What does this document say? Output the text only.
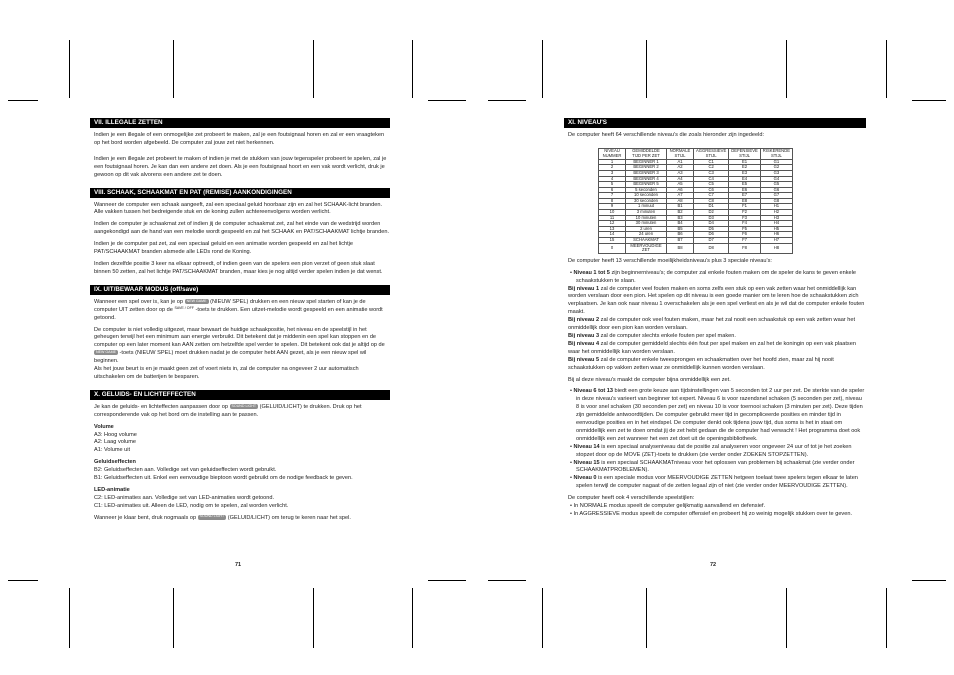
VII. ILLEGALE ZETTEN

Indien je een illegale of een onmogelijke zet probeert te maken, zal je een foutsignaal horen en zal er een vraagteken op het bord worden afgebeeld. De computer zal jouw zet niet herkennen.

Indien je een illegale zet probeert te maken of indien je met de stukken van jouw tegenspeler probeert te spelen, zal je een foutsignaal horen. Je kan dan een andere zet doen. Als je een foutsignaal hoort en een vak wordt verlicht, druk je gewoon op dit vak alvorens een andere zet te doen.

VIII. SCHAAK, SCHAAKMAT EN PAT (REMISE) AANKONDIGINGEN

Wanneer de computer een schaak aangeeft, zal een speciaal geluid hoorbaar zijn en zal het SCHAAK-licht branden. Alle vakken tussen het bedreigende stuk en de koning zullen achtereenvolgens worden verlicht.

Indien de computer je schaakmat zet of indien jij de computer schaakmat zet, zal het einde van de wedstrijd worden aangekondigd aan de hand van een melodie wordt gespeeld en zal het SCHAAK en PAT/SCHAAKMAT lichtje branden.

Indien je de computer pat zet, zal een speciaal geluid en een animatie worden gespeeld en zal het lichtje PAT/SCHAAKMAT branden alsmede alle LEDs rond de Koning.

Indien dezelfde positie 3 keer na elkaar optreedt, of indien geen van de spelers een pion verzet of geen stuk slaat binnen 50 zetten, zal het lichtje PAT/SCHAAKMAT branden, maar kies je nog altijd verder spelen indien je dat wenst.

IX. UIT/BEWAAR MODUS (off/save)

Wanneer een spel over is, kan je op NEW GAME (NIEUW SPEL) drukken en een nieuw spel starten of kan je de computer UIT zetten door op de SAVE / OFF -toets te drukken. Een uitzet-melodie wordt gespeeld en een animatie wordt getoond.

De computer is niet volledig uitgezet, maar bewaart de huidige schaakpositie, het niveau en de speelstijl in het geheugen terwijl het een minimum aan energie verbruikt. Dit betekent dat je middenin een spel kan stoppen en de computer op een later moment kan AAN zetten om hetzelfde spel verder te spelen. Dit betekent ook dat je altijd op de NEW GAME -toets (NIEUW SPEL) moet drukken nadat je de computer hebt AAN gezet, als je een nieuw spel wil beginnen.

Als het jouw beurt is en je maakt geen zet of voert niets in, zal de computer na ongeveer 2 uur automatisch uitschakelen om de batterijen te besparen.

X. GELUIDS- EN LICHTEFFECTEN

Je kan de geluids- en lichteffecten aanpassen door op SOUND LIGHT (GELUID/LICHT) te drukken. Druk op het corresponderende vak op het bord om de instelling aan te passen.

Volume

A3: Hoog volume

A2: Laag volume

A1: Volume uit

Geluidseffecten

B2: Geluidseffecten aan. Volledige set van geluidseffecten wordt gebruikt.

B1: Geluidseffecten uit. Enkel een eenvoudige bieptoon wordt gebruikt om de nodige feedback te geven.

LED-animatie

C2: LED-animaties aan. Volledige set van LED-animaties wordt getoond.

C1: LED-animaties uit. Alleen de LED, nodig om te spelen, zal worden verlicht.

Wanneer je klaar bent, druk nogmaals op SOUND LIGHT (GELUID/LICHT) om terug te keren naar het spel.

71
XI. NIVEAU'S

De computer heeft 64 verschillende niveau's die zoals hieronder zijn ingedeeld:

NIVEAU NUMMER	GEMIDDELDE TIJD PER ZET	NORMALE STIJL	AGGRESSIEVE STIJL	DEFENSIEVE STIJL	RISKERENDE STIJL
1	BEGINNER 1	A1	C1	E1	G1
2	BEGINNER 2	A2	C2	E2	G2
3	BEGINNER 3	A3	C3	E3	G3
4	BEGINNER 4	A4	C4	E4	G4
5	BEGINNER 5	A5	C5	E5	G5
6	5 seconden	A6	C6	E6	G6
7	10 seconden	A7	C7	E7	G7
8	30 seconden	A8	C8	E8	G8
9	1 minuut	B1	D1	F1	H1
10	3 minuten	B2	D2	F2	H2
11	10 minuten	B3	D3	F3	H3
12	30 minuten	B4	D4	F4	H4
13	2 uren	B5	D5	F5	H5
14	24 uren	B6	D6	F6	H6
15	SCHAAKMAT	B7	D7	F7	H7
0	MEERVOUDIGE ZET	B8	D8	F8	H8

De computer heeft 13 verschillende moeilijkheidsniveau's plus 3 speciale niveau's:

• Niveau 1 tot 5 zijn beginnerniveau's; de computer zal enkele fouten maken om de speler de kans te geven enkele schaakstukken te slaan.

Bij niveau 1 zal de computer veel fouten maken en soms zelfs een stuk op een vak zetten waar het onmiddellijk kan worden verslaan door een pion. Het spelen op dit niveau is een goede manier om te leren hoe de schaakstukken zich verplaatsen. Je kan ook naar niveau 1 overschakelen als je een spel verliest en als je wil dat de computer enkele fouten maakt.

Bij niveau 2 zal de computer ook veel fouten maken, maar het zal nooit een schaakstuk op een vak zetten waar het onmiddellijk door een pion kan worden verslaan.

Bij niveau 3 zal de computer slechts enkele fouten per spel maken.

Bij niveau 4 zal de computer gemiddeld slechts één fout per spel maken en zal het de koningin op een vak plaatsen waar het onmiddellijk kan worden verslaan.

Bij niveau 5 zal de computer enkele tweesprongen en schaakmatten over het hoofd zien, maar zal hij nooit schaakstukken op vakken zetten waar ze onmiddellijk kunnen worden verslaan.

Bij al deze niveau's maakt de computer bijna onmiddellijk een zet.

• Niveau 6 tot 13 biedt een grote keuze aan tijdsinstellingen van 5 seconden tot 2 uur per zet. De sterkte van de speler in deze niveau's varieert van beginner tot expert. Niveau 6 is voor razendsnel schaken (5 seconden per zet), niveau 8 is voor snel schaken (30 seconden per zet) en niveau 10 is voor toernooi schaken (3 minuten per zet). Deze tijden zijn gemiddelde antwoordtijden. De computer gebruikt meer tijd in gecompliceerde posities en minder tijd in eenvoudige posities en in het eindspel. De computer denkt ook tijdens jouw tijd, dus soms is het in staat om onmiddellijk een zet te doen omdat jij de zet hebt gedaan die de computer had verwacht ! Het programma doet ook onmiddellijk een zet wanneer het een zet doet uit de openingsbibliotheek.

• Niveau 14 is een speciaal analyseniveau dat de positie zal analyseren voor ongeveer 24 uur of tot je het zoeken stopzet door op de MOVE (ZET)-toets te drukken (zie verder onder ZOEKEN STOPZETTEN).

• Niveau 15 is een speciaal SCHAAKMATniveau voor het oplossen van problemen bij schaakmat (zie verder onder SCHAAKMATPROBLEMEN).

• Niveau 0 is een speciale modus voor MEERVOUDIGE ZETTEN hetgeen toelaat twee spelers tegen elkaar te laten spelen terwijl de computer nagaat of de zetten legaal zijn of niet (zie verder onder MEERVOUDIGE ZETTEN).

De computer heeft ook 4 verschillende speelstijlen:

• In NORMALE modus speelt de computer gelijkmatig aanvallend en defensief.

• In AGGRESSIEVE modus speelt de computer offensief en probeert hij zo weinig mogelijk stukken over te geven.

72
